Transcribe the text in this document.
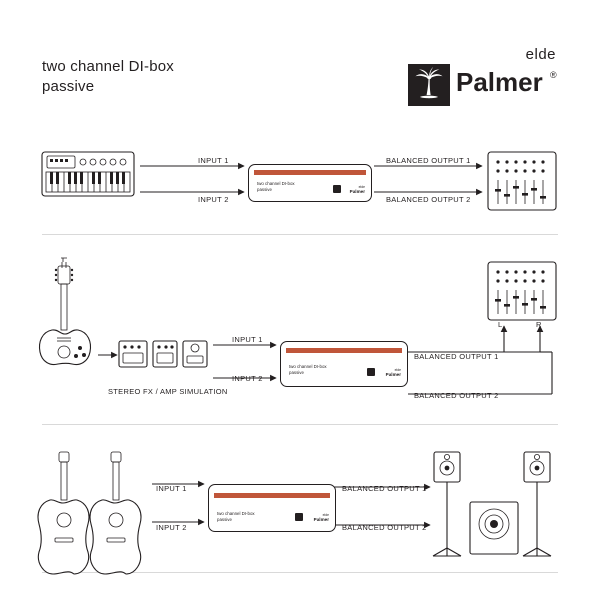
two channel DI-box
passive
elde
Palmer ®
two channel DI-box
passive	elde
Palmer
two channel DI-box
passive	elde
Palmer
two channel DI-box
passive
elde
Palmer
INPUT 1
INPUT 2
BALANCED OUTPUT 1
BALANCED OUTPUT 2
STEREO FX / AMP SIMULATION
INPUT 1
INPUT 2
BALANCED OUTPUT 1
BALANCED OUTPUT 2
L	R
INPUT 1
INPUT 2
BALANCED OUTPUT 1
BALANCED OUTPUT 2
